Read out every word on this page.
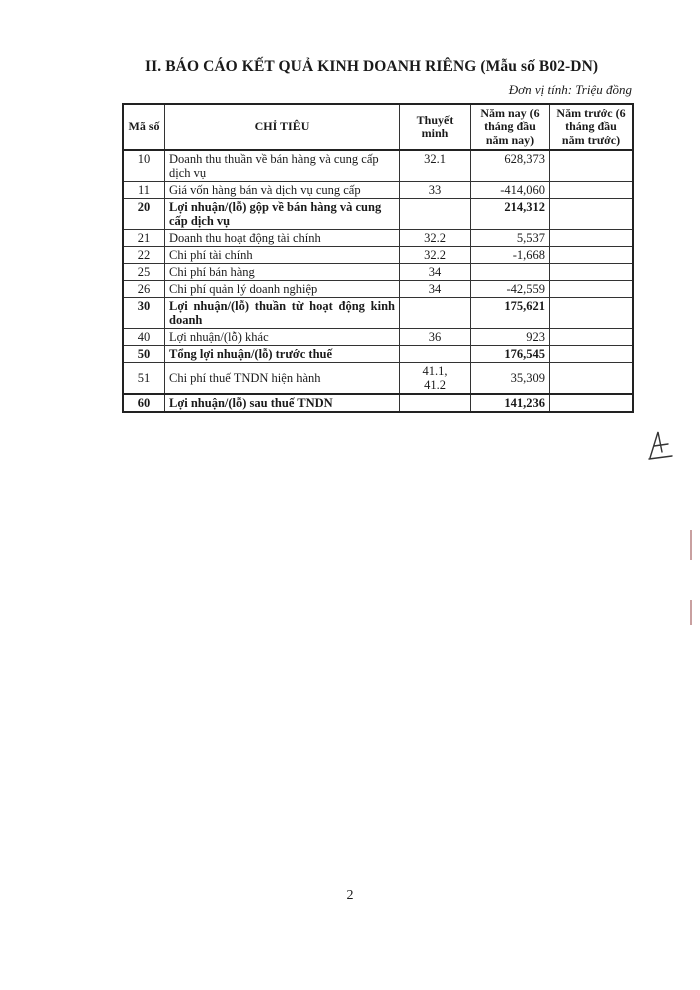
II. BÁO CÁO KẾT QUẢ KINH DOANH RIÊNG (Mẫu số B02-DN)
Đơn vị tính: Triệu đồng
Mã số	CHỈ TIÊU	Thuyết minh	Năm nay (6 tháng đầu năm nay)	Năm trước (6 tháng đầu năm trước)
10	Doanh thu thuần về bán hàng và cung cấp dịch vụ	32.1	628,373	
11	Giá vốn hàng bán và dịch vụ cung cấp	33	-414,060	
20	Lợi nhuận/(lỗ) gộp về bán hàng và cung cấp dịch vụ		214,312	
21	Doanh thu hoạt động tài chính	32.2	5,537	
22	Chi phí tài chính	32.2	-1,668	
25	Chi phí bán hàng	34		
26	Chi phí quản lý doanh nghiệp	34	-42,559	
30	Lợi nhuận/(lỗ) thuần từ hoạt động kinh doanh		175,621	
40	Lợi nhuận/(lỗ) khác	36	923	
50	Tổng lợi nhuận/(lỗ) trước thuế		176,545	
51	Chi phí thuế TNDN hiện hành	41.1, 41.2	35,309	
60	Lợi nhuận/(lỗ) sau thuế TNDN		141,236	
2
